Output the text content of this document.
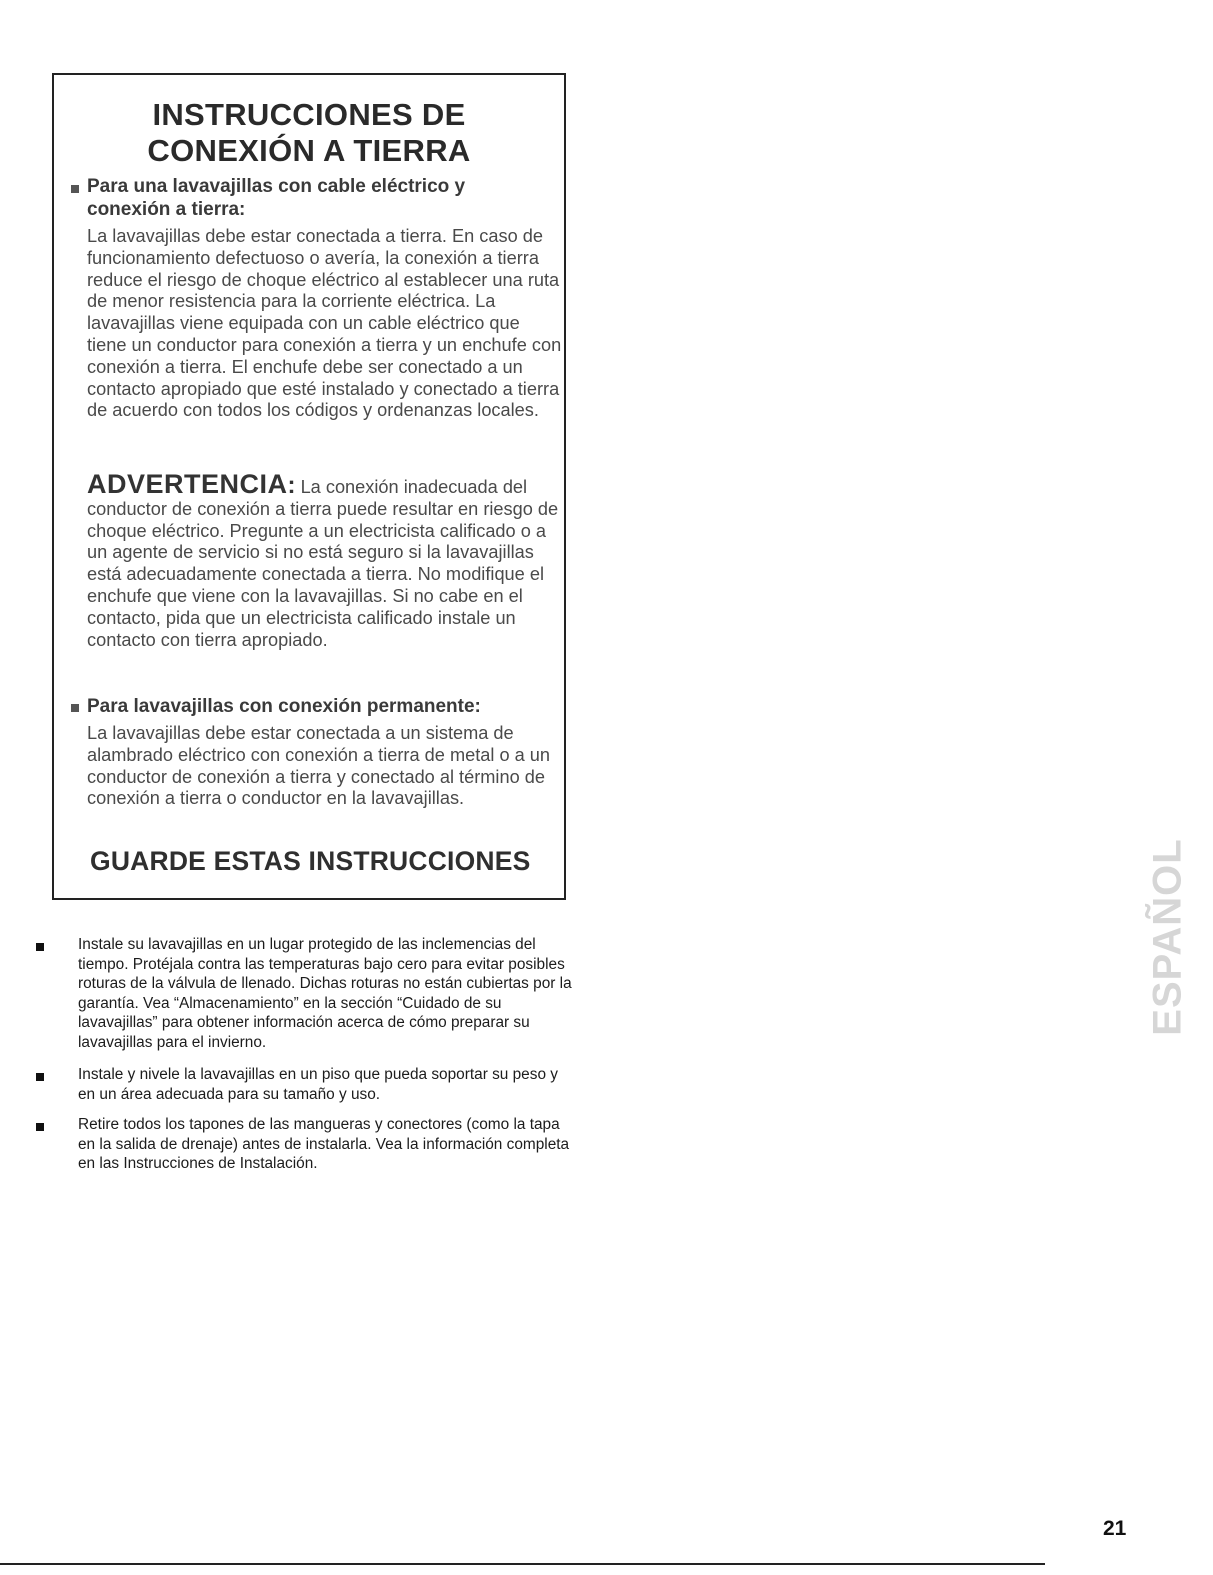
INSTRUCCIONES DE
CONEXIÓN A TIERRA
Para una lavavajillas con cable eléctrico y
conexión a tierra:

La lavavajillas debe estar conectada a tierra. En caso de funcionamiento defectuoso o avería, la conexión a tierra reduce el riesgo de choque eléctrico al establecer una ruta de menor resistencia para la corriente eléctrica. La lavavajillas viene equipada con un cable eléctrico que tiene un conductor para conexión a tierra y un enchufe con conexión a tierra. El enchufe debe ser conectado a un contacto apropiado que esté instalado y conectado a tierra de acuerdo con todos los códigos y ordenanzas locales.

ADVERTENCIA: La conexión inadecuada del conductor de conexión a tierra puede resultar en riesgo de choque eléctrico. Pregunte a un electricista calificado o a un agente de servicio si no está seguro si la lavavajillas está adecuadamente conectada a tierra. No modifique el enchufe que viene con la lavavajillas. Si no cabe en el contacto, pida que un electricista calificado instale un contacto con tierra apropiado.

Para lavavajillas con conexión permanente:

La lavavajillas debe estar conectada a un sistema de alambrado eléctrico con conexión a tierra de metal o a un conductor de conexión a tierra y conectado al término de conexión a tierra o conductor en la lavavajillas.

GUARDE ESTAS INSTRUCCIONES

Instale su lavavajillas en un lugar protegido de las inclemencias del tiempo. Protéjala contra las temperaturas bajo cero para evitar posibles roturas de la válvula de llenado. Dichas roturas no están cubiertas por la garantía. Vea “Almacenamiento” en la sección “Cuidado de su lavavajillas” para obtener información acerca de cómo preparar su lavavajillas para el invierno.

Instale y nivele la lavavajillas en un piso que pueda soportar su peso y en un área adecuada para su tamaño y uso.

Retire todos los tapones de las mangueras y conectores (como la tapa en la salida de drenaje) antes de instalarla. Vea la información completa en las Instrucciones de Instalación.

ESPAÑOL
21
